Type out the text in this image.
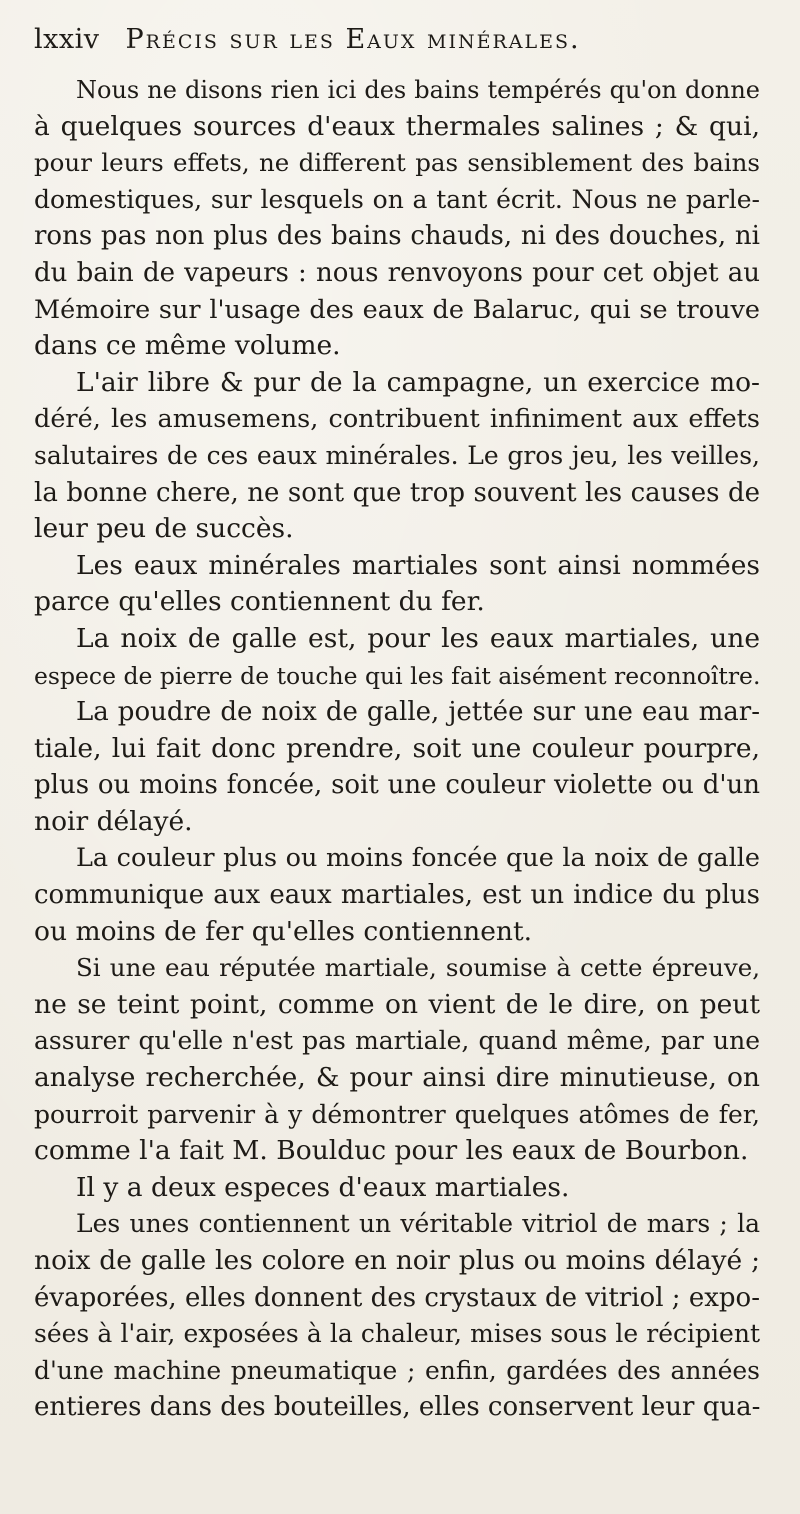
lxxiv Précis sur les Eaux minérales.
Nous ne disons rien ici des bains tempérés qu'on donne
à quelques sources d'eaux thermales salines ; & qui,
pour leurs effets, ne different pas sensiblement des bains
domestiques, sur lesquels on a tant écrit. Nous ne parle-
rons pas non plus des bains chauds, ni des douches, ni
du bain de vapeurs : nous renvoyons pour cet objet au
Mémoire sur l'usage des eaux de Balaruc, qui se trouve
dans ce même volume.
L'air libre & pur de la campagne, un exercice mo-
déré, les amusemens, contribuent infiniment aux effets
salutaires de ces eaux minérales. Le gros jeu, les veilles,
la bonne chere, ne sont que trop souvent les causes de
leur peu de succès.
Les eaux minérales martiales sont ainsi nommées
parce qu'elles contiennent du fer.
La noix de galle est, pour les eaux martiales, une
espece de pierre de touche qui les fait aisément reconnoître.
La poudre de noix de galle, jettée sur une eau mar-
tiale, lui fait donc prendre, soit une couleur pourpre,
plus ou moins foncée, soit une couleur violette ou d'un
noir délayé.
La couleur plus ou moins foncée que la noix de galle
communique aux eaux martiales, est un indice du plus
ou moins de fer qu'elles contiennent.
Si une eau réputée martiale, soumise à cette épreuve,
ne se teint point, comme on vient de le dire, on peut
assurer qu'elle n'est pas martiale, quand même, par une
analyse recherchée, & pour ainsi dire minutieuse, on
pourroit parvenir à y démontrer quelques atômes de fer,
comme l'a fait M. Boulduc pour les eaux de Bourbon.
Il y a deux especes d'eaux martiales.
Les unes contiennent un véritable vitriol de mars ; la
noix de galle les colore en noir plus ou moins délayé ;
évaporées, elles donnent des crystaux de vitriol ; expo-
sées à l'air, exposées à la chaleur, mises sous le récipient
d'une machine pneumatique ; enfin, gardées des années
entieres dans des bouteilles, elles conservent leur qua-
